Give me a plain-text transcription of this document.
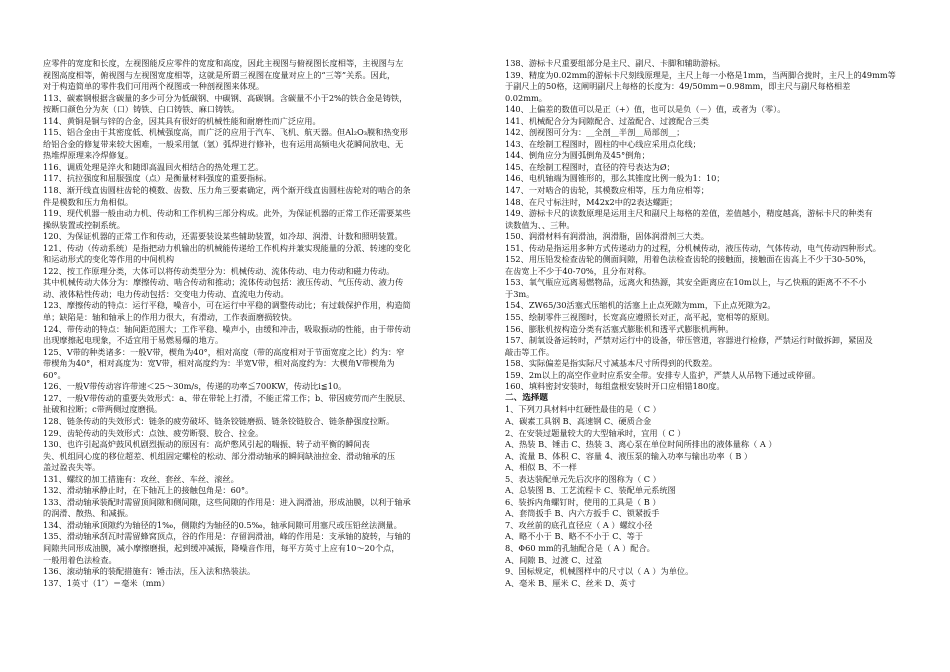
应零件的宽度和长度，左视图能反应零件的宽度和高度，因此主视图与俯视图长度相等，主视图与左
视图高度相等，俯视图与左视图宽度相等，这就是所谓三视图在度量对应上的“三等”关系。因此，
对于构造简单的零件我们可用两个视图或一种剖视图来体现。
113、碳素钢根据含碳量的多少可分为低碳钢、中碳钢、高碳钢。含碳量不小于2%的铁合金是铸铁，
按断口颜色分为灰（口）铸铁、白口铸铁、麻口铸铁。
114、黄铜是铜与锌的合金，因其具有很好的机械性能和耐磨性而广泛应用。
115、铝合金由于其密度低、机械强度高，而广泛的应用于汽车、飞机、航天器。但Al₂O₃膜和热变形
给铝合金的修复带来较大困难，一般采用氩（氩）弧焊进行修补，也有运用高频电火花瞬间放电、无
热堆焊原理来冷焊修复。
116、调质处理是淬火和随即高温回火相结合的热处理工艺。
117、抗拉强度和屈服强度（点）是衡量材料强度的重要指标。
118、渐开线直齿圆柱齿轮的模数、齿数、压力角三要素确定，两个渐开线直齿圆柱齿轮对的啮合的条
件是模数和压力角相似。
119、现代机器一般由动力机、传动和工作机构三部分构成。此外，为保证机器的正常工作还需要某些
操纵装置或控制系统。
120、为保证机器的正常工作和传动，还需要装设某些辅助装置，如冷却、润滑、计数和照明装置。
121、传动（传动系统）是指把动力机输出的机械能传递给工作机构并兼实现能量的分派、转速的变化
和运动形式的变化等作用的中间机构
122、按工作原理分类，大体可以将传动类型分为：机械传动、流体传动、电力传动和磁力传动。
其中机械传动大体分为：摩擦传动、啮合传动和推动；流体传动包括：液压传动、气压传动、液力传
动、液体粘性传动；电力传动包括：交变电力传动、直流电力传动。
123、摩擦传动的特点：运行平稳，噪音小，可在运行中平稳的调整传动比；有过载保护作用，构造简
单；缺陷是：轴和轴承上的作用力很大，有滑动，工作表面磨损较快。
124、带传动的特点：轴间距范围大；工作平稳、噪声小，由缓和冲击，吸取振动的性能，由于带传动
出现摩擦起电现象，不适宜用于易燃易爆的地方。
125、V带的种类诸多：一般V带，楔角为40°，相对高度（带的高度相对于节面宽度之比）约为：窄
带楔角为40°，相对高度为：宽V带，相对高度约为：半宽V带，相对高度约为：大楔角V带楔角为
60°。
126、一般V带传动容许带速＜25～30m/s，传递的功率≦700KW，传动比i≦10。
127、一般V带传动的重要失效形式：a、带在带轮上打滑，不能正常工作；b、带因疲劳而产生脱层、
扯破和拉断；c带两侧过度磨损。
128、链条传动的失效形式：链条的疲劳破坏、链条铰链磨损、链条铰链胶合、链条静强度拉断。
129、齿轮传动的失效形式：点蚀、疲劳断裂、胶合、拉金。
130、也许引起高炉鼓风机剧烈振动的原因有：高炉憋风引起的喘振、转子动平衡的瞬间丧
失、机组同心度的移位超差、机组固定螺栓的松动、部分滑动轴承的瞬间缺油拉金、滑动轴承的压
盖过盈丧失等。
131、螺纹的加工措施有：攻丝、套丝、车丝、滚丝。
132、滑动轴承静止时，在下轴瓦上的接触包角是：60°。
133、滑动轴承装配时需留顶间隙和侧间隙，这些间隙的作用是：进入润滑油，形成油膜，以利于轴承
的润滑、散热、和减振。
134、滑动轴承顶隙约为轴径的1‰，侧隙约为轴径的0.5‰，轴承间隙可用塞尺或压铅丝法测量。
135、滑动轴承刮瓦时需留蜂窝顶点，谷的作用是：存留润滑油，峰的作用是：支承轴的旋转，与轴的
间隙共同形成油膜，减小摩擦磨损，起到缓冲减振，降噪音作用，每平方英寸上应有10～20个点，
一般用着色法检查。
136、滚动轴承的装配措施有：锤击法，压入法和热装法。
137、1英寸（1″）＝毫米（mm）
138、游标卡尺重要组部分是主尺、副尺、卡脚和辅助游标。
139、精度为0.02mm的游标卡尺刻线原理是，主尺上每一小格是1mm，当两脚合拢时，主尺上的49mm等
于副尺上的50格，这阐明副尺上每格的长度为：49/50mm＝0.98mm，即主尺与副尺每格相差
0.02mm。
140、上偏差的数值可以是正（+）值，也可以是负（－）值，或者为（零）。
141、机械配合分为间隙配合、过盈配合、过渡配合三类
142、剖视图可分为：__全剖__半剖__局部剖__；
143、在绘制工程图时，圆柱的中心线应采用点化线；
144、倒角应分为圆弧倒角及45°倒角；
145、在绘制工程图时，直径的符号表达为Ø；
146、电机轴端为圆锥形的，那么其锥度比例一般为1：10；
147、一对啮合的齿轮，其模数应相等，压力角应相等；
148、在尺寸标注时，M42x2中的2表达螺距；
149、游标卡尺的读数原理是运用主尺和副尺上每格的差值，差值越小，精度越高，游标卡尺的种类有
读数值为、、三种。
150、润滑材料有润滑油，润滑脂，固体润滑剂三大类。
151、传动是指运用多种方式传递动力的过程，分机械传动，液压传动，气体传动，电气传动四种形式。
152、用压铅发检查齿轮的侧面间隙，用着色法检查齿轮的接触面，接触面在齿高上不少于30-50%，
在齿宽上不少于40-70%，且分布对称。
153、氧气瓶应远离易燃物品，远离火和热源，其安全距离应在10m以上，与乙快瓶的距离不不不小
于3m。
154、ZW65/30活塞式压缩机的活塞上止点死隙为mm，下止点死隙为2。
155、绘制零件三视图时，长宽高应遵照长对正，高平起，宽相等的原则。
156、膨胀机按构造分类有活塞式膨胀机和透平式膨胀机两种。
157、制氧设备运转时，严禁对运行中的设备，带压管道，容器进行检修，严禁运行时做拆卸，紧固及
敲击等工作。
158、实际偏差是指实际尺寸减基本尺寸所得到的代数差。
159、2m以上的高空作业时应系安全带。安排专人监护，严禁人从吊物下通过或停留。
160、填料密封安装时，每组盘根安装时开口应相错180度。
二、选择题
1、下列刀具材料中红硬性最佳的是（ C ）
A、碳素工具钢 B、高速钢 C、硬质合金
2、在安装过题量较大的大型轴承时，宜用（ C ）
A、热装 B、锤击 C、热装 3、离心泵在单位时间所排出的液体量称（ A ）
A、流量 B、体积 C、容量 4、液压泵的输入功率与输出功率（ B ）
A、相似 B、不一样
5、表达装配单元先后次序的图称为（ C ）
A、总装图 B、工艺流程卡 C、装配单元系统图
6、装拆内角螺钉时，使用的工具是（ B ）
A、套筒扳手 B、内六方扳手 C、锁紧扳手
7、攻丝前的底孔直径应（ A ）螺纹小径
A、略不小于 B、略不不小于 C、等于
8、Φ60 mm的孔轴配合是（ A ）配合。
A、间隙 B、过渡 C、过盈
9、国标规定，机械图样中的尺寸以（ A ）为单位。
A、毫米 B、厘米 C、丝米 D、英寸
